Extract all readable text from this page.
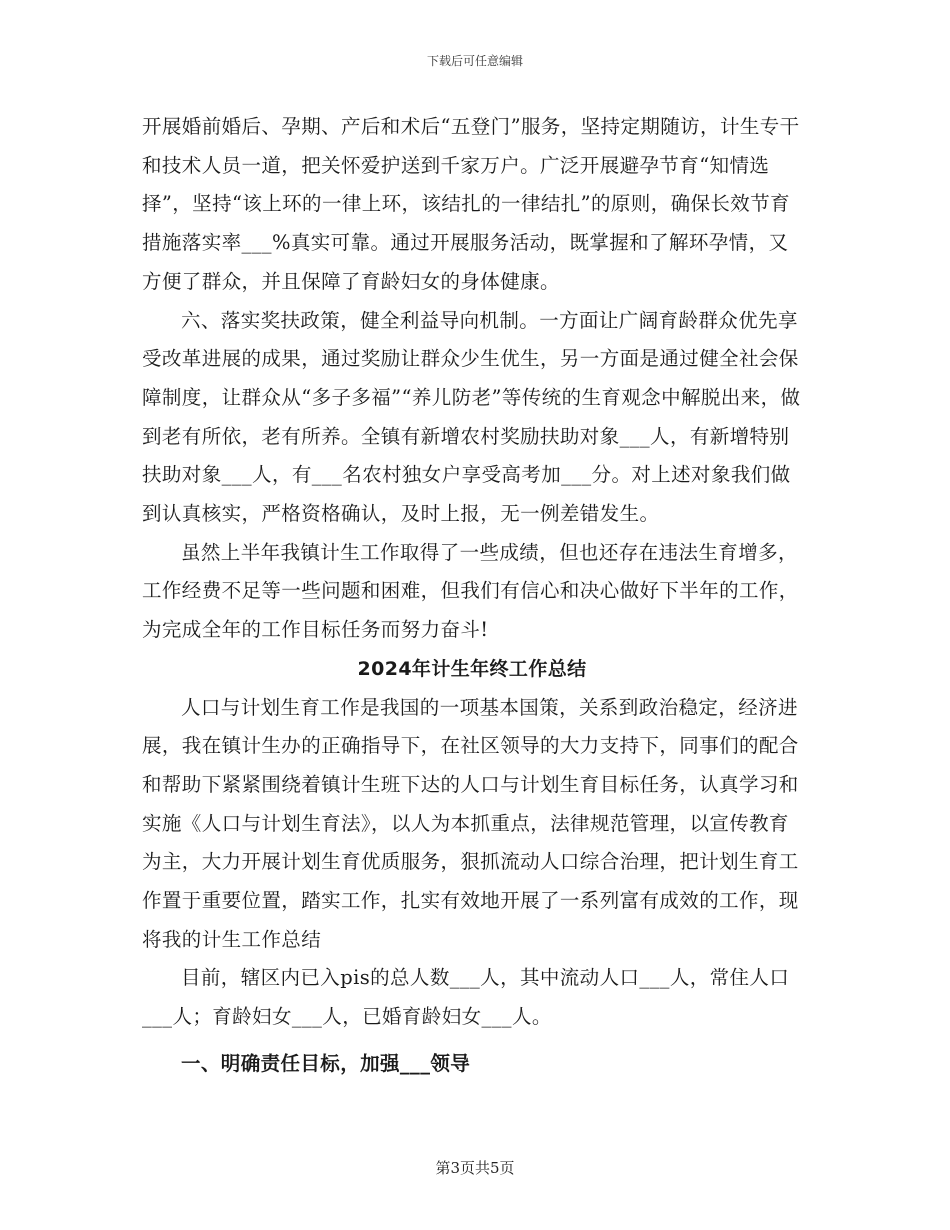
下载后可任意编辑

开展婚前婚后、孕期、产后和术后“五登门”服务，坚持定期随访，计生专干和技术人员一道，把关怀爱护送到千家万户。广泛开展避孕节育“知情选择”，坚持“该上环的一律上环，该结扎的一律结扎”的原则，确保长效节育措施落实率___%真实可靠。通过开展服务活动，既掌握和了解环孕情，又方便了群众，并且保障了育龄妇女的身体健康。

六、落实奖扶政策，健全利益导向机制。一方面让广阔育龄群众优先享受改革进展的成果，通过奖励让群众少生优生，另一方面是通过健全社会保障制度，让群众从“多子多福”“养儿防老”等传统的生育观念中解脱出来，做到老有所依，老有所养。全镇有新增农村奖励扶助对象___人，有新增特别扶助对象___人，有___名农村独女户享受高考加___分。对上述对象我们做到认真核实，严格资格确认，及时上报，无一例差错发生。

虽然上半年我镇计生工作取得了一些成绩，但也还存在违法生育增多，工作经费不足等一些问题和困难，但我们有信心和决心做好下半年的工作，为完成全年的工作目标任务而努力奋斗!

2024年计生年终工作总结

人口与计划生育工作是我国的一项基本国策，关系到政治稳定，经济进展，我在镇计生办的正确指导下，在社区领导的大力支持下，同事们的配合和帮助下紧紧围绕着镇计生班下达的人口与计划生育目标任务，认真学习和实施《人口与计划生育法》，以人为本抓重点，法律规范管理，以宣传教育为主，大力开展计划生育优质服务，狠抓流动人口综合治理，把计划生育工作置于重要位置，踏实工作，扎实有效地开展了一系列富有成效的工作，现将我的计生工作总结

目前，辖区内已入pis的总人数___人，其中流动人口___人，常住人口___人；育龄妇女___人，已婚育龄妇女___人。

一、明确责任目标，加强___领导

第3页共5页
